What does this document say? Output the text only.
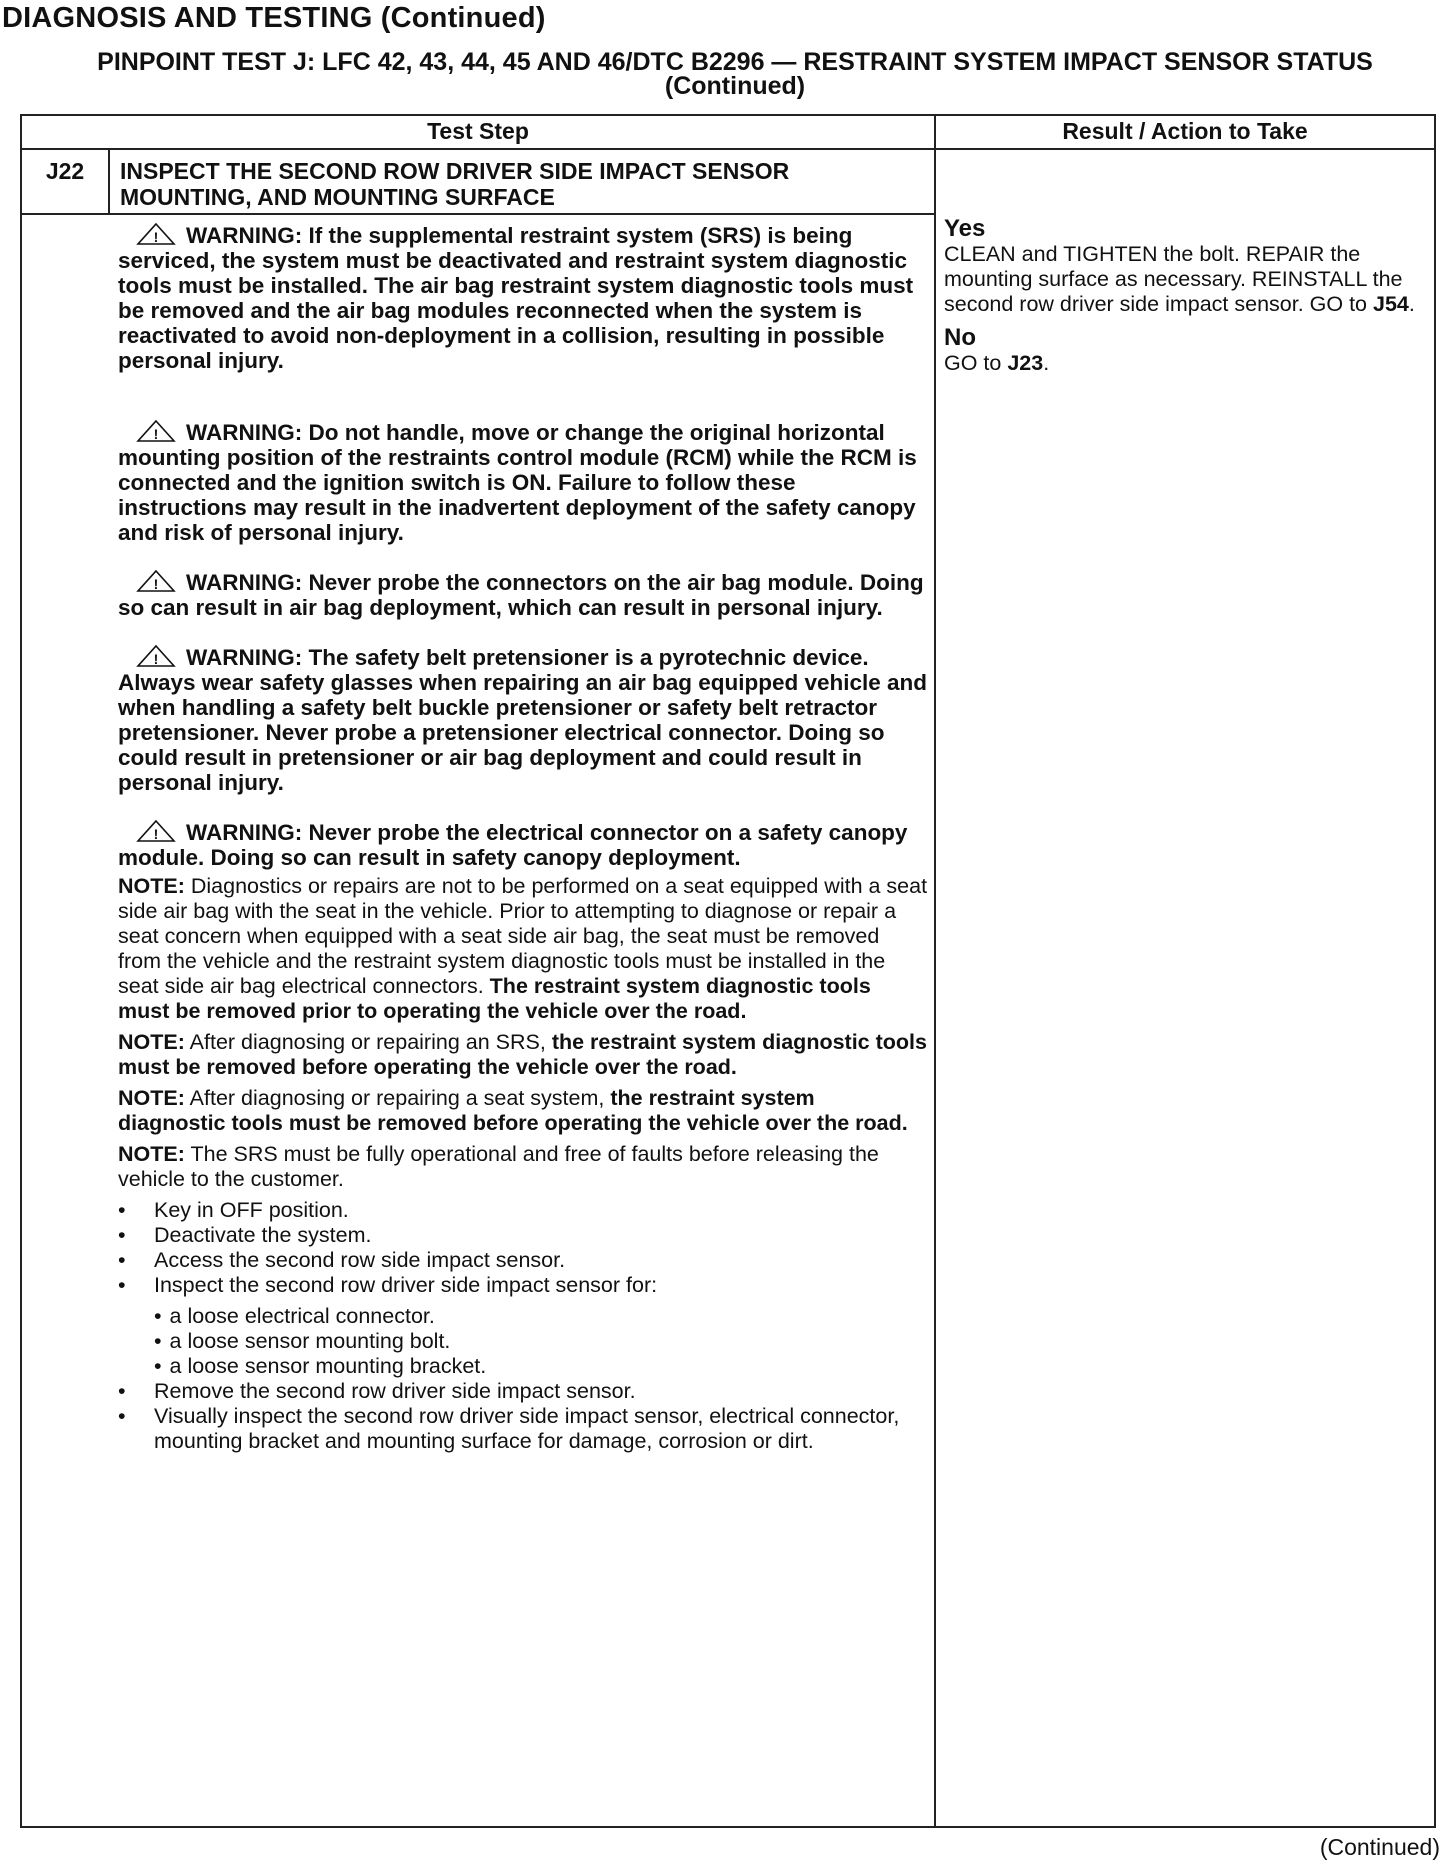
DIAGNOSIS AND TESTING (Continued)
PINPOINT TEST J: LFC 42, 43, 44, 45 AND 46/DTC B2296 — RESTRAINT SYSTEM IMPACT SENSOR STATUS (Continued)
Test Step	Result / Action to Take
J22	INSPECT THE SECOND ROW DRIVER SIDE IMPACT SENSOR MOUNTING, AND MOUNTING SURFACE
! WARNING: If the supplemental restraint system (SRS) is being serviced, the system must be deactivated and restraint system diagnostic tools must be installed. The air bag restraint system diagnostic tools must be removed and the air bag modules reconnected when the system is reactivated to avoid non-deployment in a collision, resulting in possible personal injury.
! WARNING: Do not handle, move or change the original horizontal mounting position of the restraints control module (RCM) while the RCM is connected and the ignition switch is ON. Failure to follow these instructions may result in the inadvertent deployment of the safety canopy and risk of personal injury.
! WARNING: Never probe the connectors on the air bag module. Doing so can result in air bag deployment, which can result in personal injury.
! WARNING: The safety belt pretensioner is a pyrotechnic device. Always wear safety glasses when repairing an air bag equipped vehicle and when handling a safety belt buckle pretensioner or safety belt retractor pretensioner. Never probe a pretensioner electrical connector. Doing so could result in pretensioner or air bag deployment and could result in personal injury.
! WARNING: Never probe the electrical connector on a safety canopy module. Doing so can result in safety canopy deployment.
NOTE: Diagnostics or repairs are not to be performed on a seat equipped with a seat side air bag with the seat in the vehicle. Prior to attempting to diagnose or repair a seat concern when equipped with a seat side air bag, the seat must be removed from the vehicle and the restraint system diagnostic tools must be installed in the seat side air bag electrical connectors. The restraint system diagnostic tools must be removed prior to operating the vehicle over the road.
NOTE: After diagnosing or repairing an SRS, the restraint system diagnostic tools must be removed before operating the vehicle over the road.
NOTE: After diagnosing or repairing a seat system, the restraint system diagnostic tools must be removed before operating the vehicle over the road.
NOTE: The SRS must be fully operational and free of faults before releasing the vehicle to the customer.
• Key in OFF position.
• Deactivate the system.
• Access the second row side impact sensor.
• Inspect the second row driver side impact sensor for:
• a loose electrical connector.
• a loose sensor mounting bolt.
• a loose sensor mounting bracket.
• Remove the second row driver side impact sensor.
• Visually inspect the second row driver side impact sensor, electrical connector, mounting bracket and mounting surface for damage, corrosion or dirt.
Yes
CLEAN and TIGHTEN the bolt. REPAIR the mounting surface as necessary. REINSTALL the second row driver side impact sensor. GO to J54.
No
GO to J23.
(Continued)
